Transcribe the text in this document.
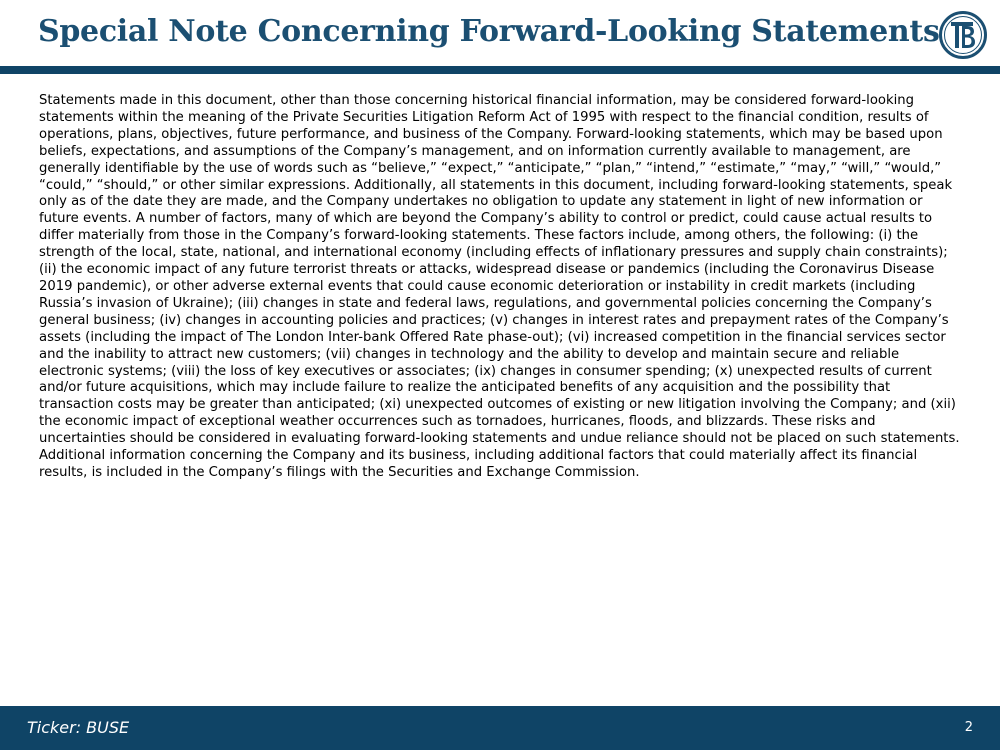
Special Note Concerning Forward-Looking Statements

Statements made in this document, other than those concerning historical financial information, may be considered forward-looking statements within the meaning of the Private Securities Litigation Reform Act of 1995 with respect to the financial condition, results of operations, plans, objectives, future performance, and business of the Company. Forward-looking statements, which may be based upon beliefs, expectations, and assumptions of the Company’s management, and on information currently available to management, are generally identifiable by the use of words such as “believe,” “expect,” “anticipate,” “plan,” “intend,” “estimate,” “may,” “will,” “would,” “could,” “should,” or other similar expressions. Additionally, all statements in this document, including forward-looking statements, speak only as of the date they are made, and the Company undertakes no obligation to update any statement in light of new information or future events. A number of factors, many of which are beyond the Company’s ability to control or predict, could cause actual results to differ materially from those in the Company’s forward-looking statements. These factors include, among others, the following: (i) the strength of the local, state, national, and international economy (including effects of inflationary pressures and supply chain constraints); (ii) the economic impact of any future terrorist threats or attacks, widespread disease or pandemics (including the Coronavirus Disease 2019 pandemic), or other adverse external events that could cause economic deterioration or instability in credit markets (including Russia’s invasion of Ukraine); (iii) changes in state and federal laws, regulations, and governmental policies concerning the Company’s general business; (iv) changes in accounting policies and practices; (v) changes in interest rates and prepayment rates of the Company’s assets (including the impact of The London Inter-bank Offered Rate phase-out); (vi) increased competition in the financial services sector and the inability to attract new customers; (vii) changes in technology and the ability to develop and maintain secure and reliable electronic systems; (viii) the loss of key executives or associates; (ix) changes in consumer spending; (x) unexpected results of current and/or future acquisitions, which may include failure to realize the anticipated benefits of any acquisition and the possibility that transaction costs may be greater than anticipated; (xi) unexpected outcomes of existing or new litigation involving the Company; and (xii) the economic impact of exceptional weather occurrences such as tornadoes, hurricanes, floods, and blizzards. These risks and uncertainties should be considered in evaluating forward-looking statements and undue reliance should not be placed on such statements. Additional information concerning the Company and its business, including additional factors that could materially affect its financial results, is included in the Company’s filings with the Securities and Exchange Commission.

Ticker: BUSE	2
